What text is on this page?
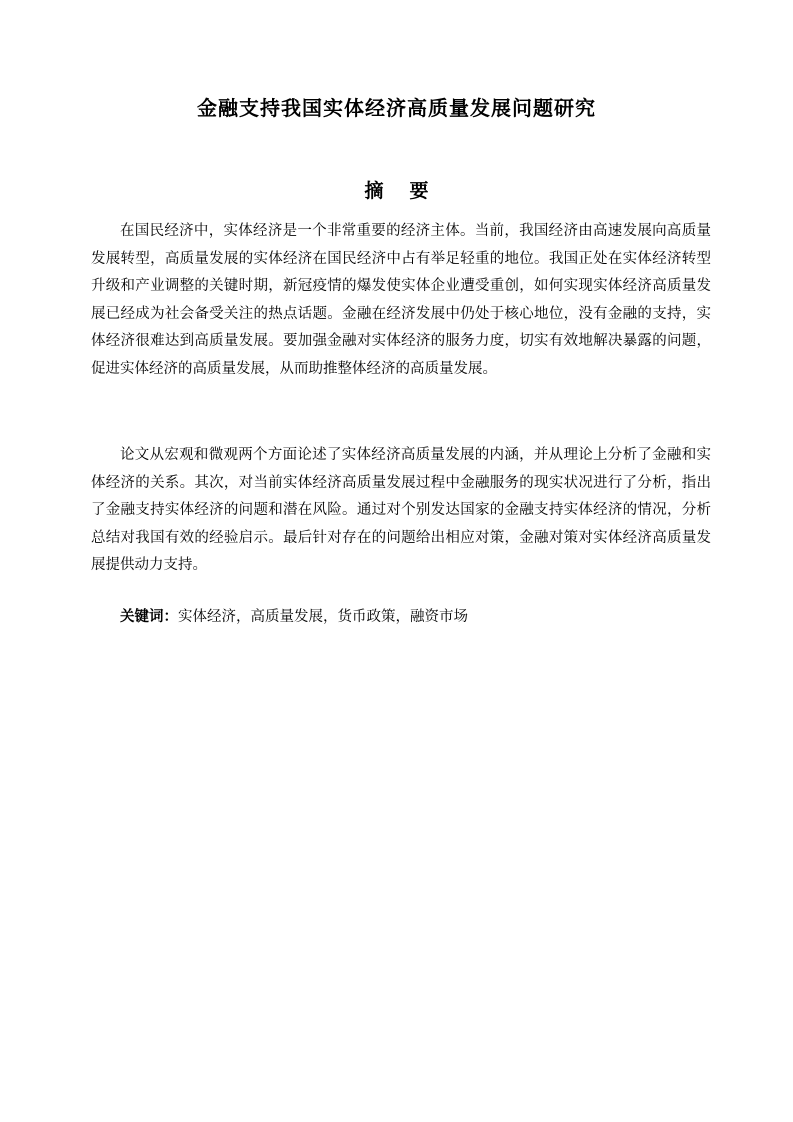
金融支持我国实体经济高质量发展问题研究
摘 要

在国民经济中，实体经济是一个非常重要的经济主体。当前，我国经济由高速发展向高质量发展转型，高质量发展的实体经济在国民经济中占有举足轻重的地位。我国正处在实体经济转型升级和产业调整的关键时期，新冠疫情的爆发使实体企业遭受重创，如何实现实体经济高质量发展已经成为社会备受关注的热点话题。金融在经济发展中仍处于核心地位，没有金融的支持，实体经济很难达到高质量发展。要加强金融对实体经济的服务力度，切实有效地解决暴露的问题，促进实体经济的高质量发展，从而助推整体经济的高质量发展。

论文从宏观和微观两个方面论述了实体经济高质量发展的内涵，并从理论上分析了金融和实体经济的关系。其次，对当前实体经济高质量发展过程中金融服务的现实状况进行了分析，指出了金融支持实体经济的问题和潜在风险。通过对个别发达国家的金融支持实体经济的情况，分析总结对我国有效的经验启示。最后针对存在的问题给出相应对策，金融对策对实体经济高质量发展提供动力支持。

关键词：实体经济，高质量发展，货币政策，融资市场
